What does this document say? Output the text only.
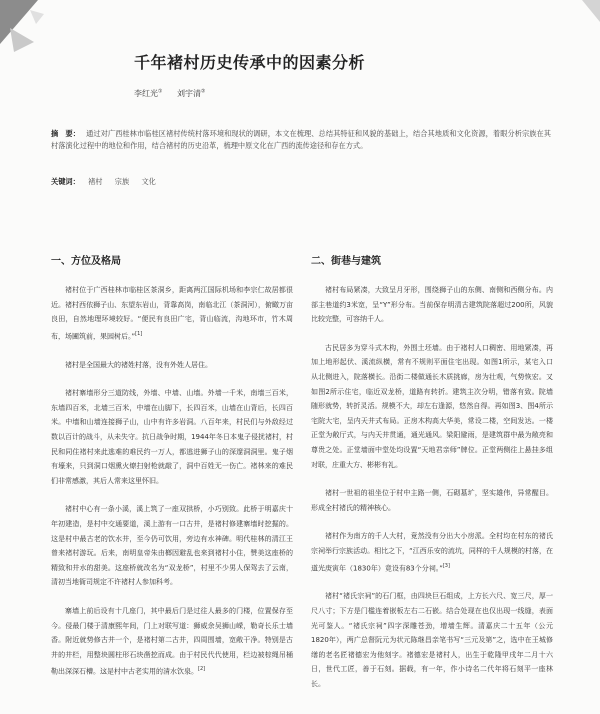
千年褚村历史传承中的因素分析
李红光① 刘宇清②

摘　要： 通过对广西桂林市临桂区褚村传统村落环境和现状的调研，本文在梳理、总结其特征和风貌的基础上，结合其地质和文化资源，着眼分析宗族在其村落演化过程中的地位和作用，结合褚村的历史沿革，梳理中原文化在广西的流传途径和存在方式。

关键词： 褚村 宗族 文化
一、方位及格局

褚村位于广西桂林市临桂区茶洞乡，距离两江国际机场和李宗仁故居都很近。褚村西依狮子山、东望东岩山，背靠高岗，南临北江（茶洞河），俯瞰万亩良田，自然地理环境较好。“便民有良田广宅，背山临流，沟地环市，竹木周布，场圃筑前，果园树后。”[1]

褚村是全国最大的褚姓村落，没有外姓人居住。

褚村寨墙形分三道防线，外墙、中墙、山墙。外墙一千米，南墙三百米，东墙四百米，北墙三百米，中墙在山脚下，长四百米，山墙在山背后，长四百米。中墙和山墙连接狮子山，山中有许多岩洞。八百年来，村民们与外敌经过数以百计的战斗，从未失守。抗日战争时期，1944年冬日本鬼子侵扰褚村，村民和同住褚村来此逃难的难民约一万人，都逃进狮子山的深邃洞洞里。鬼子烟有壕来，只到洞口烟熏火燎扫射枪就敲了，洞中百姓无一伤亡。褚林来的难民们非常感激，其后人常来这里怀旧。

褚村中心有一条小溪，溪上筑了一座双拱桥，小巧别致。此桥于明嘉庆十年初建造，是村中交通要道，溪上游有一口古井，是褚村修建寨墙时挖掘的。这是村中最古老的饮水井，至今仍可饮用，旁边有水神碑。明代桂林的清江王曾来褚村游玩。后来，南明皇帝朱由榔因避乱也来到褚村小住，赞美这座桥的精致和井水的甜美。这座桥就改名为“双龙桥”，村里不少男人保驾去了云南，清初当地衙司规定不许褚村人参加科考。

寨墙上前后设有十几座门，其中最后门是过往人最多的门楼，位置保存至今。侵最门楼于清康熙年间，门上对联写道：狮威余吴狮山嵘，勒奇长乐士墙香。附近就势修古井一个，是褚村第二古井，四周围墙，宽敞干净。特别是古井的井栏，用整块圆柱形石块凿挖而成。由于村民代代使用，栏边被棕绳吊桶勒出深深石槽。这是村中古老实用的清水饮泉。[2]

二、街巷与建筑

褚村布局紧凑，大致呈月牙形，围绕狮子山的东侧、南侧和西侧分布。内部主巷道约3米宽，呈“Y”形分布。当前保存明清古建筑院落超过200所，风貌比较完整，可容纳千人。

古民居多为穿斗式木构，外围土坯墙。由于褚村人口稠密、用地紧凑，再加上地形起伏、溪流纵横，常有不规则平面住宅出现。如图1所示，某宅入口从北侧进入，院落横长。沿街二楼做通长木质挑廊，房为壮观，气势恢宏。又如图2所示住宅，临近双龙桥，道路有转折。建筑主次分明，错落有致。院墙随形就势，转折灵活。规模不大，却左右逢源，悠然自得。再如图3、图4所示宅院大宅，呈内天井式布局。正房木构高大华美，常设二楼，空间发达。一楼正堂为敞厅式，与内天井贯通，通光通风。梁阳避雨，是建筑群中最为敞亮和尊贵之处。正堂墙面中堂处均设置“天地君亲师”牌位。正堂两侧往上悬挂多组对联，庄重大方、彬彬有礼。

褚村一世祖的祖坐位于村中主路一侧，石砌墓圹，坚实雄伟，异常醒目。形成全村褚氏的精神核心。

褚村作为南方的千人大村，竟然没有分出大小房派。全村均在村东的褚氏宗祠举行宗族活动。相比之下，“江西乐安的流坑，同样的千人规模的村落，在道光庚寅年（1830年）竟设有83个分祠。”[3]

褚村“褚氏宗祠”的石门框，由四块巨石组成，上方长六尺、宽三尺，厚一尺八寸；下方是门槛连着嵌板左右二石嵌。结合处现在也仅出现一线缝，表面光可鉴人。“褚氏宗祠”四字深雕苍劲，增墙生辉。清嘉庆二十五年（公元1820年），两广总督阮元为状元陈继昌亲笔书写“三元及第”之，选中在王城修缮的老名匠褚德宏为他刻字。褚德宏是褚村人，出生于乾隆甲戌年二月十六日，世代工匠，善于石刻。据载，有一年，作小诗名二代年将石刻平一座林长。
